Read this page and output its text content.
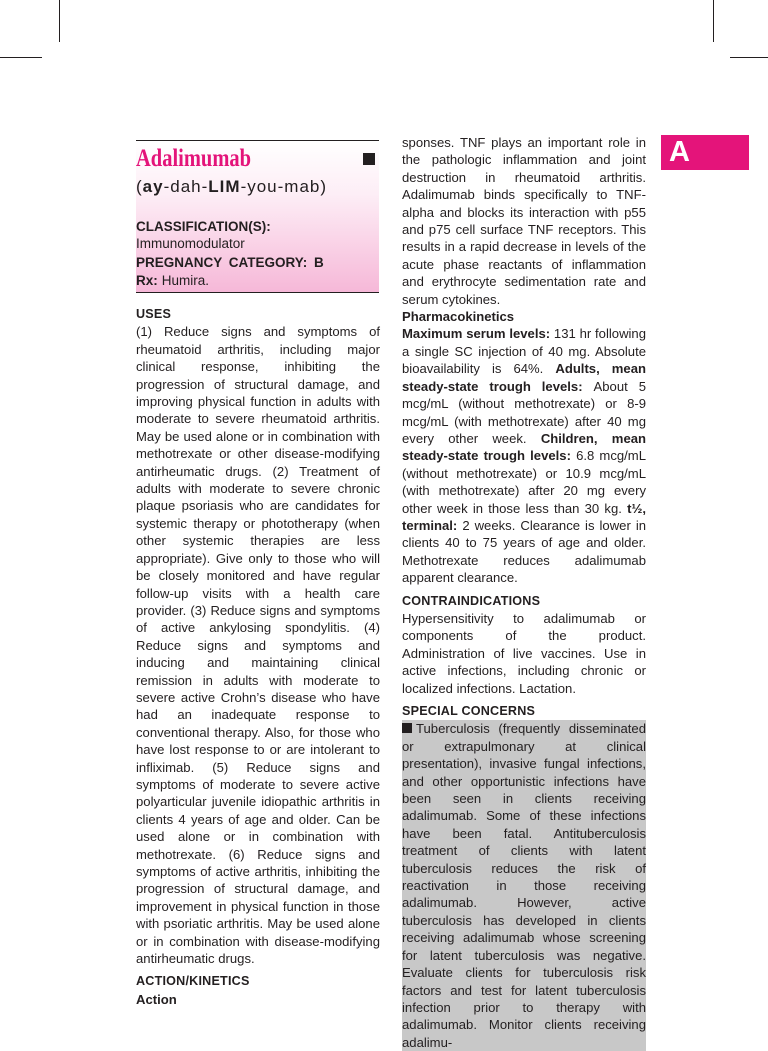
Adalimumab
(ay-dah-LIM-you-mab)
CLASSIFICATION(S):
Immunomodulator
PREGNANCY CATEGORY: B
Rx: Humira.
USES

(1) Reduce signs and symptoms of rheumatoid arthritis, including major clinical response, inhibiting the progression of structural damage, and improving physical function in adults with moderate to severe rheumatoid arthritis. May be used alone or in combination with methotrexate or other disease-modifying antirheumatic drugs. (2) Treatment of adults with moderate to severe chronic plaque psoriasis who are candidates for systemic therapy or phototherapy (when other systemic therapies are less appropriate). Give only to those who will be closely monitored and have regular follow-up visits with a health care provider. (3) Reduce signs and symptoms of active ankylosing spondylitis. (4) Reduce signs and symptoms and inducing and maintaining clinical remission in adults with moderate to severe active Crohn’s disease who have had an inadequate response to conventional therapy. Also, for those who have lost response to or are intolerant to infliximab. (5) Reduce signs and symptoms of moderate to severe active polyarticular juvenile idiopathic arthritis in clients 4 years of age and older. Can be used alone or in combination with methotrexate. (6) Reduce signs and symptoms of active arthritis, inhibiting the progression of structural damage, and improvement in physical function in those with psoriatic arthritis. May be used alone or in combination with disease-modifying antirheumatic drugs.

ACTION/KINETICS
Action

sponses. TNF plays an important role in the pathologic inflammation and joint destruction in rheumatoid arthritis. Adalimumab binds specifically to TNF-alpha and blocks its interaction with p55 and p75 cell surface TNF receptors. This results in a rapid decrease in levels of the acute phase reactants of inflammation and erythrocyte sedimentation rate and serum cytokines.

Pharmacokinetics

Maximum serum levels: 131 hr following a single SC injection of 40 mg. Absolute bioavailability is 64%. Adults, mean steady-state trough levels: About 5 mcg/mL (without methotrexate) or 8-9 mcg/mL (with methotrexate) after 40 mg every other week. Children, mean steady-state trough levels: 6.8 mcg/mL (without methotrexate) or 10.9 mcg/mL (with methotrexate) after 20 mg every other week in those less than 30 kg. t½, terminal: 2 weeks. Clearance is lower in clients 40 to 75 years of age and older. Methotrexate reduces adalimumab apparent clearance.

CONTRAINDICATIONS

Hypersensitivity to adalimumab or components of the product. Administration of live vaccines. Use in active infections, including chronic or localized infections. Lactation.

SPECIAL CONCERNS

Tuberculosis (frequently disseminated or extrapulmonary at clinical presentation), invasive fungal infections, and other opportunistic infections have been seen in clients receiving adalimumab. Some of these infections have been fatal. Antituberculosis treatment of clients with latent tuberculosis reduces the risk of reactivation in those receiving adalimumab. However, active tuberculosis has developed in clients receiving adalimumab whose screening for latent tuberculosis was negative. Evaluate clients for tuberculosis risk factors and test for latent tuberculosis infection prior to therapy with adalimumab. Monitor clients receiving adalimu-

A
